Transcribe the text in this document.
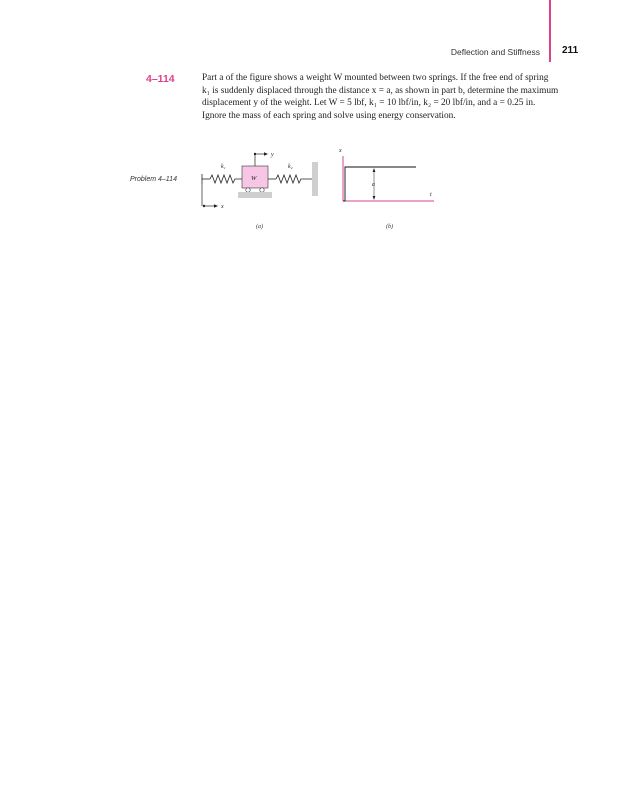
Deflection and Stiffness 211
4–114	Part a of the figure shows a weight W mounted between two springs. If the free end of spring
k₁ is suddenly displaced through the distance x = a, as shown in part b, determine the maximum
displacement y of the weight. Let W = 5 lbf, k₁ = 10 lbf/in, k₂ = 20 lbf/in, and a = 0.25 in.
Ignore the mass of each spring and solve using energy conservation.
Problem 4–114
k₁
W
y
k₂
x
(a)
x
t
a
(b)
